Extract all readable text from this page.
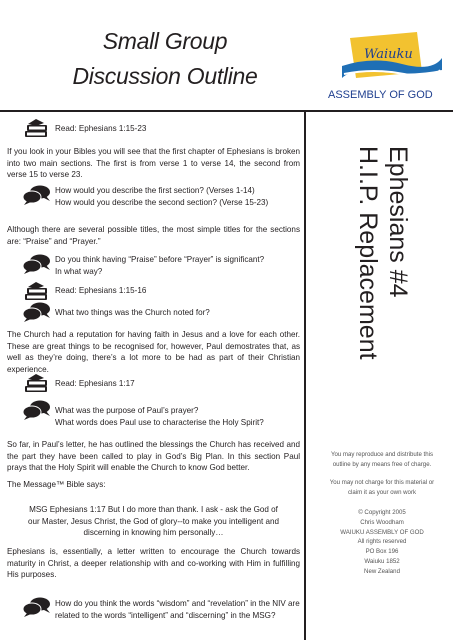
Small Group
Discussion Outline
Waiuku
ASSEMBLY OF GOD
Read: Ephesians 1:15-23
If you look in your Bibles you will see that the first chapter of Ephesians is broken into two main sections. The first is from verse 1 to verse 14, the second from verse 15 to verse 23.
How would you describe the first section? (Verses 1-14)
How would you describe the second section? (Verse 15-23)
Although there are several possible titles, the most simple titles for the sections are: “Praise” and “Prayer.”
Do you think having “Praise” before “Prayer” is significant?
In what way?
Read: Ephesians 1:15-16
What two things was the Church noted for?
The Church had a reputation for having faith in Jesus and a love for each other. These are great things to be recognised for, however, Paul demostrates that, as well as they’re doing, there’s a lot more to be had as part of their Christian experience.
Read: Ephesians 1:17
What was the purpose of Paul’s prayer?
What words does Paul use to characterise the Holy Spirit?
So far, in Paul’s letter, he has outlined the blessings the Church has received and the part they have been called to play in God’s Big Plan. In this section Paul prays that the Holy Spirit will enable the Church to know God better.
The Message™ Bible says:
MSG Ephesians 1:17 But I do more than thank. I ask - ask the God of
our Master, Jesus Christ, the God of glory--to make you intelligent and
discerning in knowing him personally…
Ephesians is, essentially, a letter written to encourage the Church towards maturity in Christ, a deeper relationship with and co-working with Him in fulfilling His purposes.
How do you think the words “wisdom” and “revelation” in the NIV are
related to the words “intelligent” and “discerning” in the MSG?
Ephesians #4
H.I.P. Replacement
You may reproduce and distribute this
outline by any means free of charge.
You may not charge for this material or
claim it as your own work
© Copyright 2005
Chris Woodham
WAIUKU ASSEMBLY OF GOD
All rights reserved
PO Box 196
Waiuku 1852
New Zealand
